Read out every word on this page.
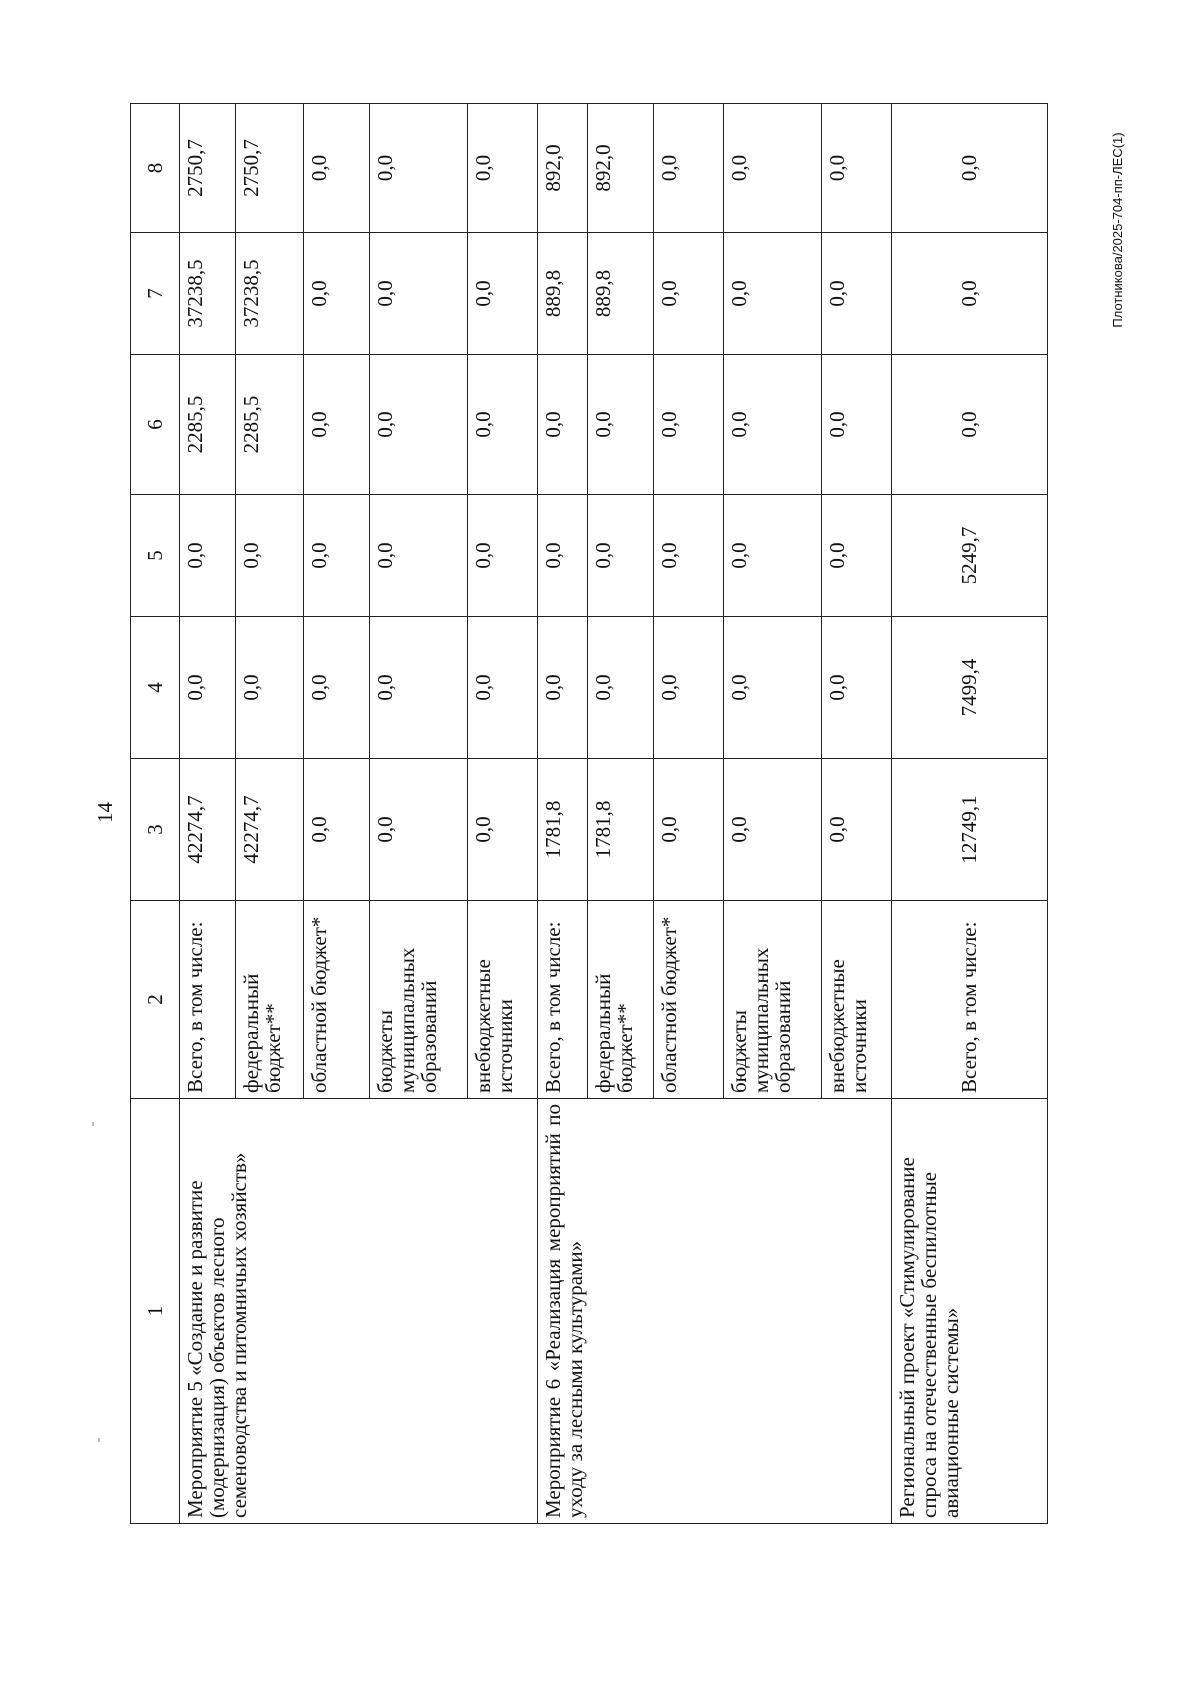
14
Плотникова/2025-704-пп-ЛЕС(1)
1	2	3	4	5	6	7	8
Мероприятие 5 «Создание и развитие (модернизация) объектов лесного семеноводства и питомничьих хозяйств»	Всего, в том числе:	42274,7	0,0	0,0	2285,5	37238,5	2750,7
	федеральный бюджет**	42274,7	0,0	0,0	2285,5	37238,5	2750,7
	областной бюджет*	0,0	0,0	0,0	0,0	0,0	0,0
	бюджеты муниципальных образований	0,0	0,0	0,0	0,0	0,0	0,0
	внебюджетные источники	0,0	0,0	0,0	0,0	0,0	0,0
Мероприятие 6 «Реализация мероприятий по уходу за лесными культурами»	Всего, в том числе:	1781,8	0,0	0,0	0,0	889,8	892,0
	федеральный бюджет**	1781,8	0,0	0,0	0,0	889,8	892,0
	областной бюджет*	0,0	0,0	0,0	0,0	0,0	0,0
	бюджеты муниципальных образований	0,0	0,0	0,0	0,0	0,0	0,0
	внебюджетные источники	0,0	0,0	0,0	0,0	0,0	0,0
Региональный проект «Стимулирование спроса на отечественные беспилотные авиационные системы»	Всего, в том числе:	12749,1	7499,4	5249,7	0,0	0,0	0,0
